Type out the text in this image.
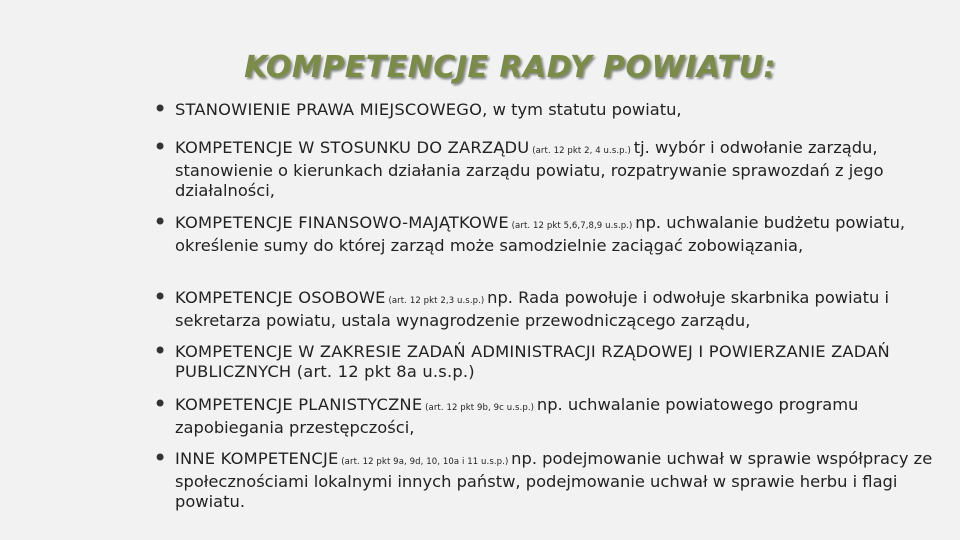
KOMPETENCJE RADY POWIATU:
• STANOWIENIE PRAWA MIEJSCOWEGO, w tym statutu powiatu,
• KOMPETENCJE W STOSUNKU DO ZARZĄDU (art. 12 pkt 2, 4 u.s.p.) tj. wybór i odwołanie zarządu, stanowienie o kierunkach działania zarządu powiatu, rozpatrywanie sprawozdań z jego działalności,
• KOMPETENCJE FINANSOWO-MAJĄTKOWE (art. 12 pkt 5,6,7,8,9 u.s.p.) np. uchwalanie budżetu powiatu, określenie sumy do której zarząd może samodzielnie zaciągać zobowiązania,
• KOMPETENCJE OSOBOWE (art. 12 pkt 2,3 u.s.p.) np. Rada powołuje i odwołuje skarbnika powiatu i sekretarza powiatu, ustala wynagrodzenie przewodniczącego zarządu,
• KOMPETENCJE W ZAKRESIE ZADAŃ ADMINISTRACJI RZĄDOWEJ I POWIERZANIE ZADAŃ PUBLICZNYCH (art. 12 pkt 8a u.s.p.)
• KOMPETENCJE PLANISTYCZNE (art. 12 pkt 9b, 9c u.s.p.) np. uchwalanie powiatowego programu zapobiegania przestępczości,
• INNE KOMPETENCJE (art. 12 pkt 9a, 9d, 10, 10a i 11 u.s.p.) np. podejmowanie uchwał w sprawie współpracy ze społecznościami lokalnymi innych państw, podejmowanie uchwał w sprawie herbu i flagi powiatu.
